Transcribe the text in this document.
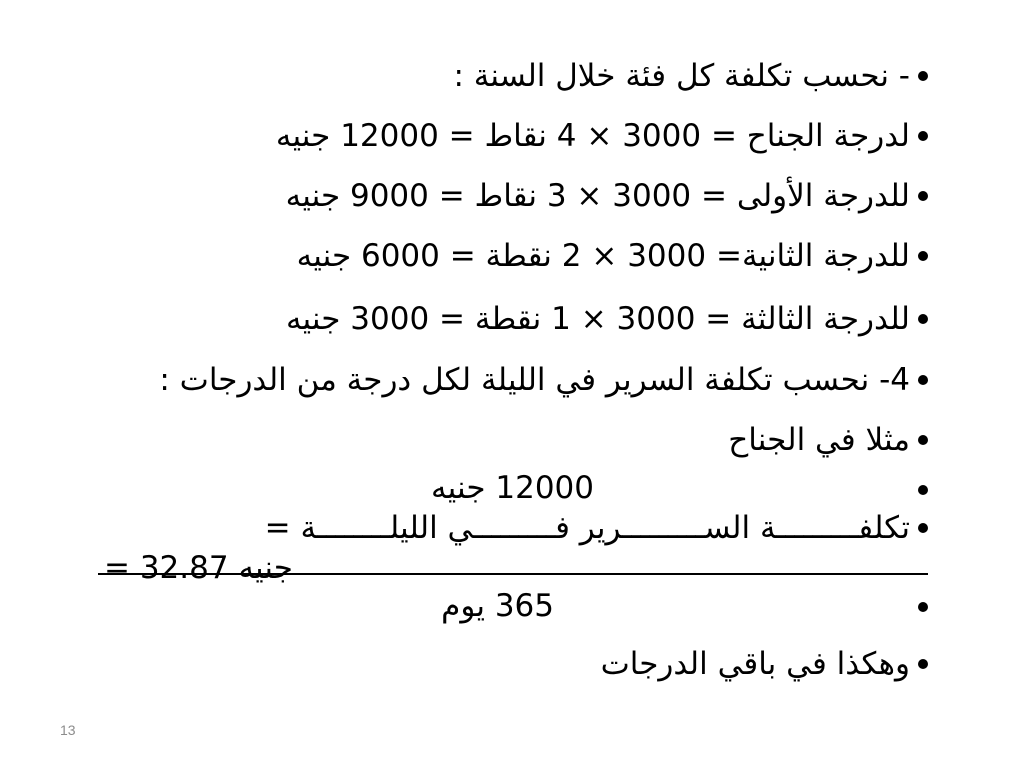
- نحسب تكلفة كل فئة خلال السنة :
لدرجة الجناح = 3000 × 4 نقاط = 12000 جنيه
للدرجة الأولى = 3000 × 3 نقاط = 9000 جنيه
للدرجة الثانية= 3000 × 2 نقطة = 6000 جنيه
للدرجة الثالثة = 3000 × 1 نقطة = 3000 جنيه
4- نحسب تكلفة السرير في الليلة لكل درجة من الدرجات :
مثلا في الجناح
12000 جنيه
تكلفـــــــــة الســـــــــرير فـــــــــي الليلــــــــة =
= 32.87 جنيه
365 يوم
وهكذا في باقي الدرجات
13
